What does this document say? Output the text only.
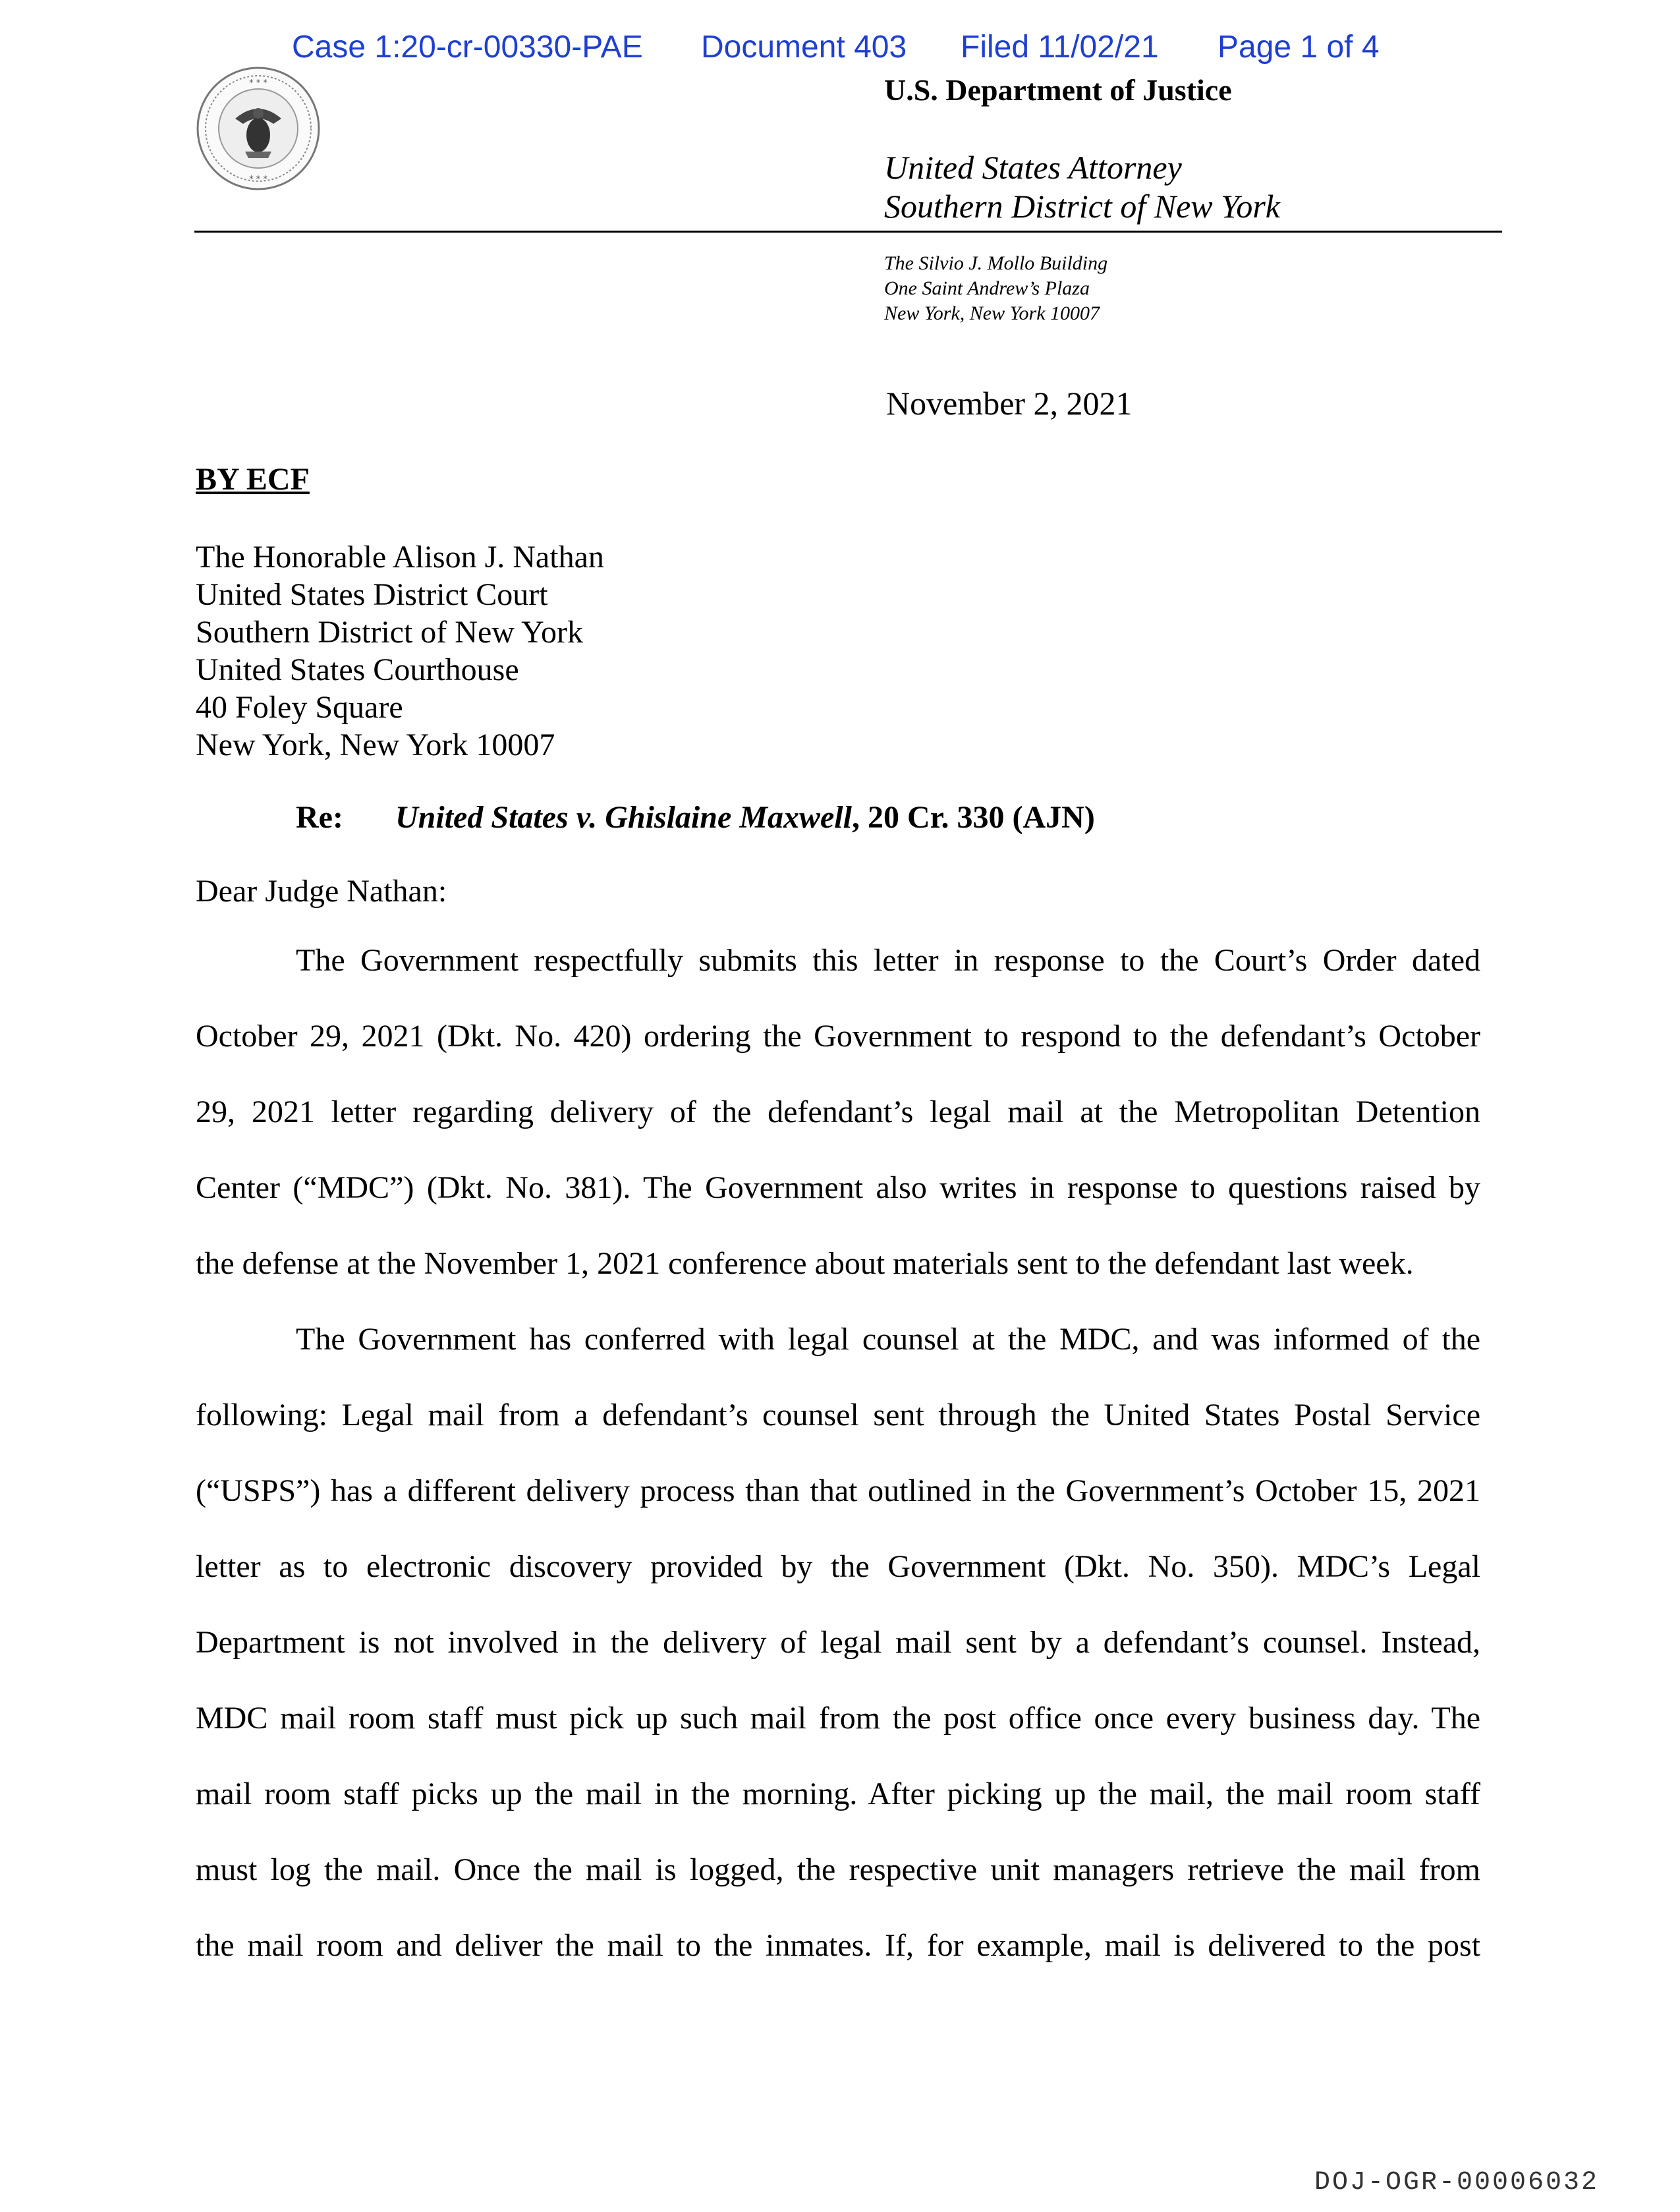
Case 1:20-cr-00330-PAE Document 403 Filed 11/02/21 Page 1 of 4
* * *
* * *
U.S. Department of Justice
United States Attorney
Southern District of New York
The Silvio J. Mollo Building
One Saint Andrew’s Plaza
New York, New York 10007
November 2, 2021
BY ECF
The Honorable Alison J. Nathan
United States District Court
Southern District of New York
United States Courthouse
40 Foley Square
New York, New York 10007
Re: United States v. Ghislaine Maxwell, 20 Cr. 330 (AJN)
Dear Judge Nathan:
The Government respectfully submits this letter in response to the Court’s Order dated
October 29, 2021 (Dkt. No. 420) ordering the Government to respond to the defendant’s October
29, 2021 letter regarding delivery of the defendant’s legal mail at the Metropolitan Detention
Center (“MDC”) (Dkt. No. 381). The Government also writes in response to questions raised by
the defense at the November 1, 2021 conference about materials sent to the defendant last week.
The Government has conferred with legal counsel at the MDC, and was informed of the
following: Legal mail from a defendant’s counsel sent through the United States Postal Service
(“USPS”) has a different delivery process than that outlined in the Government’s October 15, 2021
letter as to electronic discovery provided by the Government (Dkt. No. 350). MDC’s Legal
Department is not involved in the delivery of legal mail sent by a defendant’s counsel. Instead,
MDC mail room staff must pick up such mail from the post office once every business day. The
mail room staff picks up the mail in the morning. After picking up the mail, the mail room staff
must log the mail. Once the mail is logged, the respective unit managers retrieve the mail from
the mail room and deliver the mail to the inmates. If, for example, mail is delivered to the post
DOJ-OGR-00006032
